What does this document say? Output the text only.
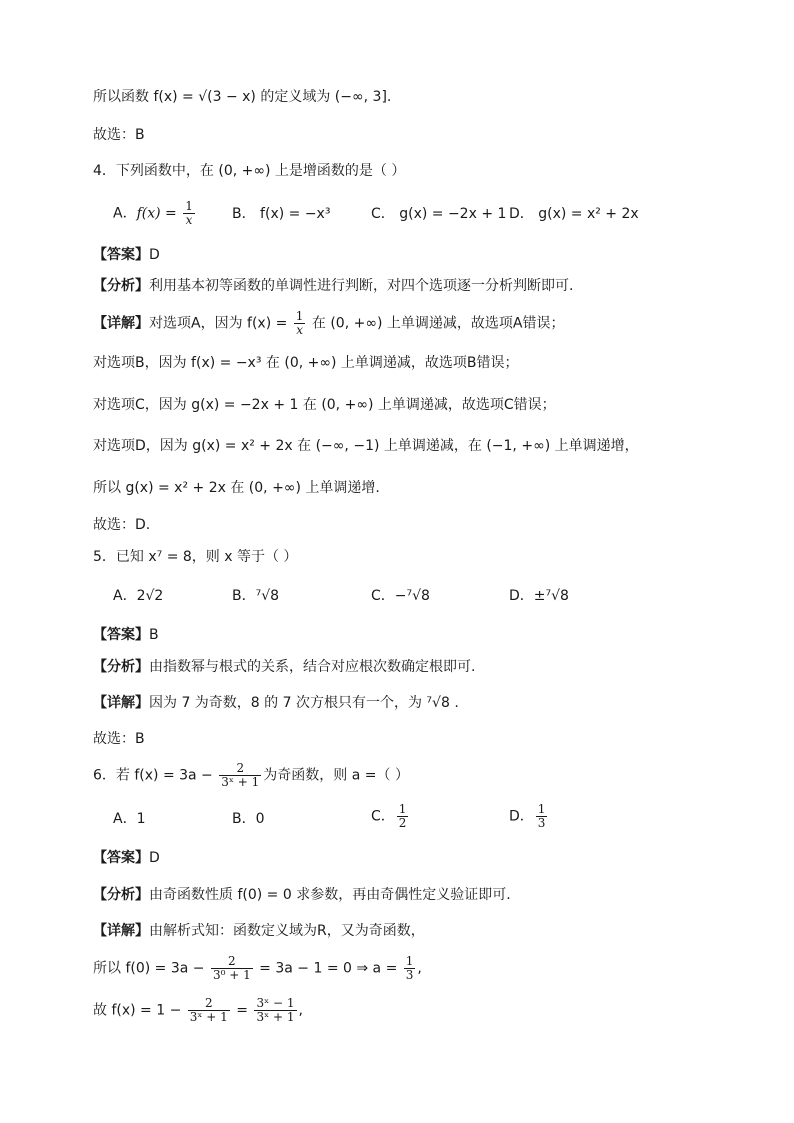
所以函数 f(x) = √(3 − x) 的定义域为 (−∞, 3].
故选：B
4．下列函数中，在 (0, +∞) 上是增函数的是（ ）
A．$f(x) = \frac{1}{x}$	B． f(x) = −x³	C． g(x) = −2x + 1 D． g(x) = x² + 2x
【答案】D
【分析】利用基本初等函数的单调性进行判断，对四个选项逐一分析判断即可.
【详解】对选项A，因为 $f(x) = \frac{1}{x}$ 在 (0, +∞) 上单调递减，故选项A错误；
对选项B，因为 f(x) = −x³ 在 (0, +∞) 上单调递减，故选项B错误；
对选项C，因为 g(x) = −2x + 1 在 (0, +∞) 上单调递减，故选项C错误；
对选项D，因为 g(x) = x² + 2x 在 (−∞, −1) 上单调递减，在 (−1, +∞) 上单调递增，
所以 g(x) = x² + 2x 在 (0, +∞) 上单调递增.
故选：D.
5．已知 x⁷ = 8，则 x 等于（ ）
A．2√2	B．⁷√8	C．−⁷√8	D．±⁷√8
【答案】B
【分析】由指数幂与根式的关系，结合对应根次数确定根即可.
【详解】因为 7 为奇数，8 的 7 次方根只有一个，为 ⁷√8 .
故选：B
6．若 $f(x) = 3a - \frac{2}{\text{3ˣ + 1}}$ 为奇函数，则 a =（ ）
A．1	B．0	C． $\frac{1}{2}$	D． $\frac{1}{3}$
【答案】D
【分析】由奇函数性质 f(0) = 0 求参数，再由奇偶性定义验证即可.
【详解】由解析式知：函数定义域为R，又为奇函数，
所以 $f(0) = 3a - \frac{2}{\text{3⁰ + 1}} = 3a - 1 = 0$ ⇒ $a = \frac{1}{3}$ ,
故 $f(x) = 1 - \frac{2}{\text{3ˣ + 1}} = \frac{\text{3ˣ − 1}}{\text{3ˣ + 1}}$ ,
